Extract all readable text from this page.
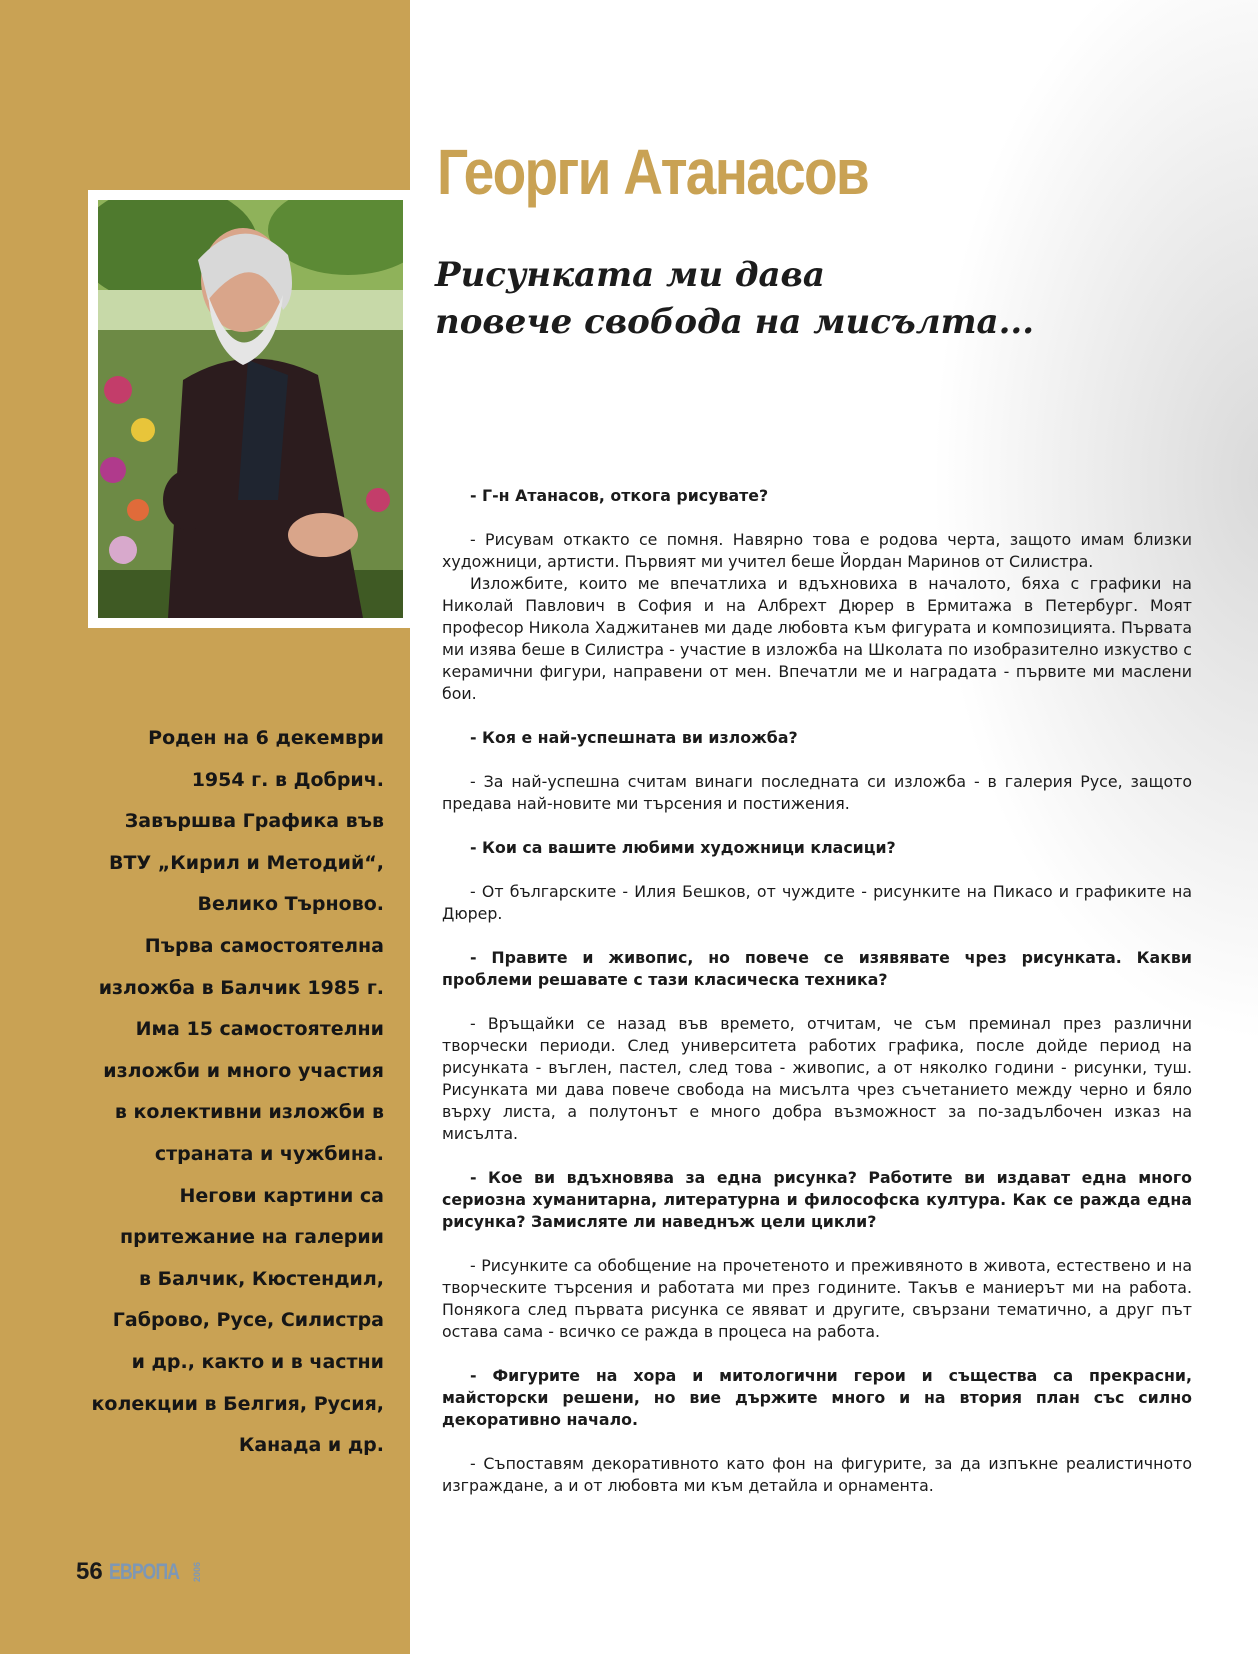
Георги Атанасов
Рисунката ми дава
повече свобода на мисълта...
Роден на 6 декември
1954 г. в Добрич.
Завършва Графика във
ВТУ „Кирил и Методий“,
Велико Търново.
Първа самостоятелна
изложба в Балчик 1985 г.
Има 15 самостоятелни
изложби и много участия
в колективни изложби в
страната и чужбина.
Негови картини са
притежание на галерии
в Балчик, Кюстендил,
Габрово, Русе, Силистра
и др., както и в частни
колекции в Белгия, Русия,
Канада и др.

- Г-н Атанасов, откога рисувате?

- Рисувам откакто се помня. Навярно това е родова черта, защото имам близки художници, артисти. Първият ми учител беше Йордан Маринов от Силистра.

Изложбите, които ме впечатлиха и вдъхновиха в началото, бяха с графики на Николай Павлович в София и на Албрехт Дюрер в Ермитажа в Петербург. Моят професор Никола Хаджитанев ми даде любовта към фигурата и композицията. Първата ми изява беше в Силистра - участие в изложба на Школата по изобразително изкуство с керамични фигури, направени от мен. Впечатли ме и наградата - първите ми маслени бои.

- Коя е най-успешната ви изложба?

- За най-успешна считам винаги последната си изложба - в галерия Русе, защото предава най-новите ми търсения и постижения.

- Кои са вашите любими художници класици?

- От българските - Илия Бешков, от чуждите - рисунките на Пикасо и графиките на Дюрер.

- Правите и живопис, но повече се изявявате чрез рисунката. Какви проблеми решавате с тази класическа техника?

- Връщайки се назад във времето, отчитам, че съм преминал през различни творчески периоди. След университета работих графика, после дойде период на рисунката - въглен, пастел, след това - живопис, а от няколко години - рисунки, туш. Рисунката ми дава повече свобода на мисълта чрез съчетанието между черно и бяло върху листа, а полутонът е много добра възможност за по-задълбочен изказ на мисълта.

- Кое ви вдъхновява за една рисунка? Работите ви издават една много сериозна хуманитарна, литературна и философска култура. Как се ражда една рисунка? Замисляте ли наведнъж цели цикли?

- Рисунките са обобщение на прочетеното и преживяното в живота, естествено и на творческите търсения и работата ми през годините. Такъв е маниерът ми на работа. Понякога след първата рисунка се явяват и другите, свързани тематично, а друг път остава сама - всичко се ражда в процеса на работа.

- Фигурите на хора и митологични герои и същества са прекрасни, майсторски решени, но вие държите много и на втория план със силно декоративно начало.

- Съпоставям декоративното като фон на фигурите, за да изпъкне реалистичното изграждане, а и от любовта ми към детайла и орнамента.

56 ЕВРОПА 2006
